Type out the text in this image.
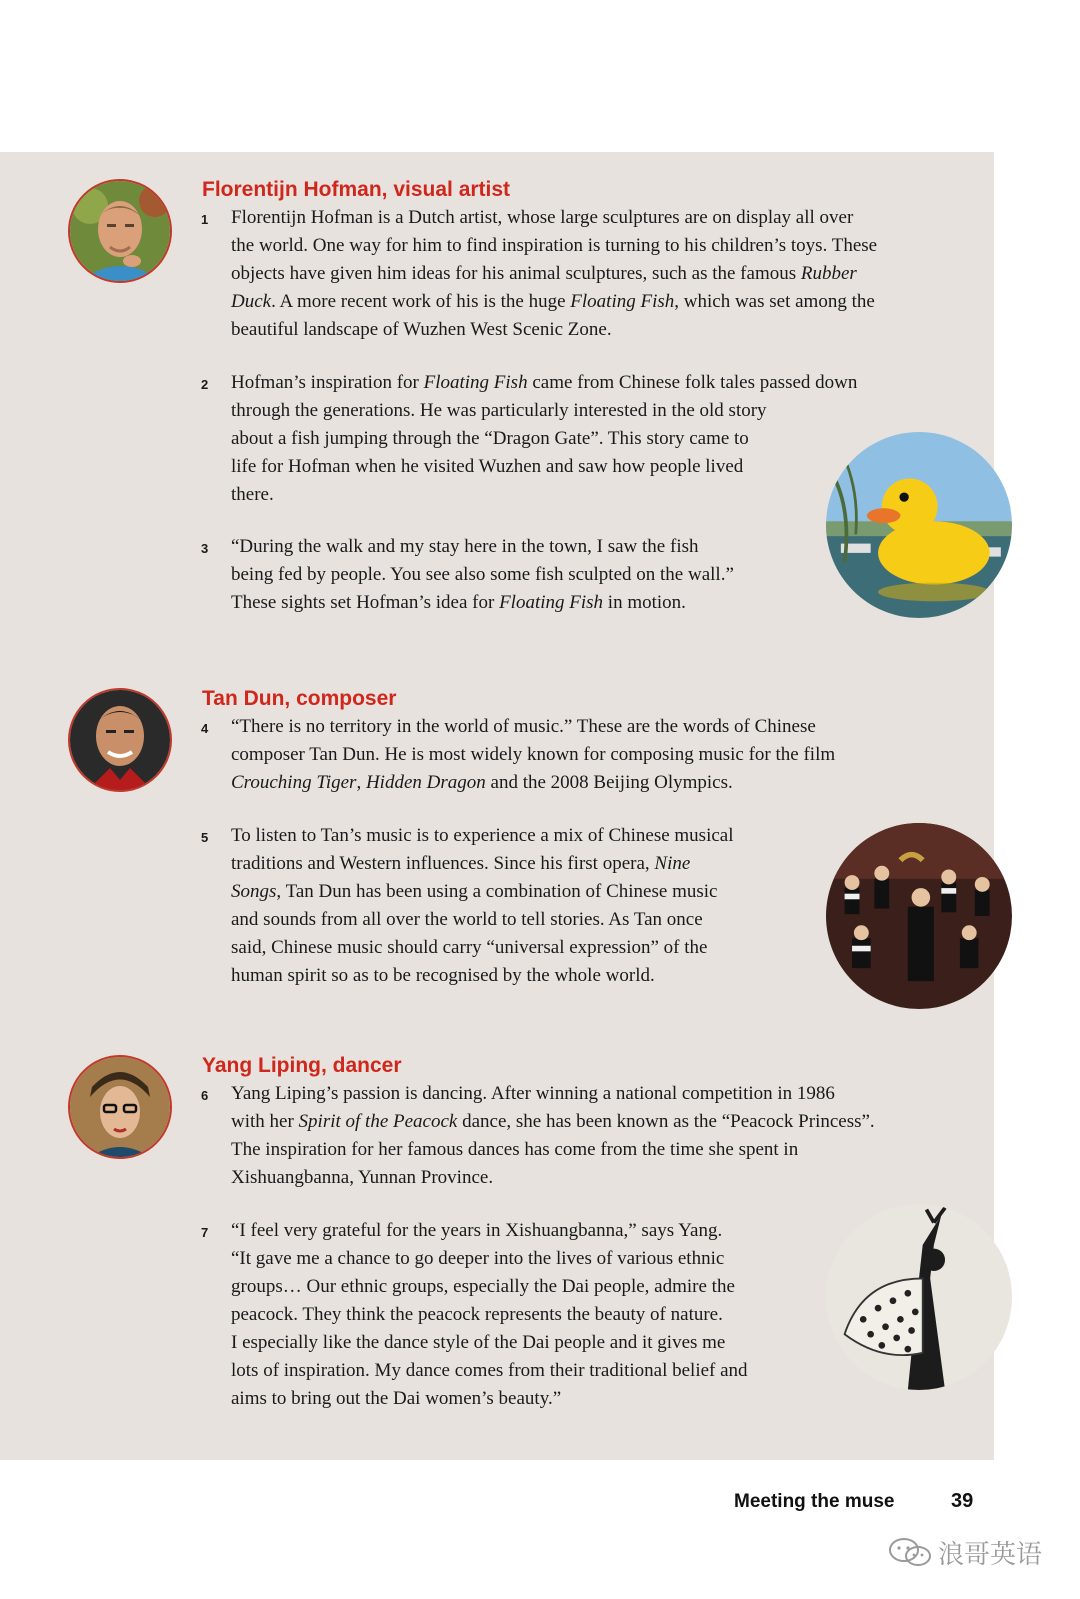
Florentijn Hofman, visual artist
1 Florentijn Hofman is a Dutch artist, whose large sculptures are on display all over
the world. One way for him to find inspiration is turning to his children’s toys. These
objects have given him ideas for his animal sculptures, such as the famous Rubber
Duck. A more recent work of his is the huge Floating Fish, which was set among the
beautiful landscape of Wuzhen West Scenic Zone.
2 Hofman’s inspiration for Floating Fish came from Chinese folk tales passed down
through the generations. He was particularly interested in the old story
about a fish jumping through the “Dragon Gate”. This story came to
life for Hofman when he visited Wuzhen and saw how people lived
there.
3 “During the walk and my stay here in the town, I saw the fish
being fed by people. You see also some fish sculpted on the wall.”
These sights set Hofman’s idea for Floating Fish in motion.
Tan Dun, composer
4 “There is no territory in the world of music.” These are the words of Chinese
composer Tan Dun. He is most widely known for composing music for the film
Crouching Tiger, Hidden Dragon and the 2008 Beijing Olympics.
5 To listen to Tan’s music is to experience a mix of Chinese musical
traditions and Western influences. Since his first opera, Nine
Songs, Tan Dun has been using a combination of Chinese music
and sounds from all over the world to tell stories. As Tan once
said, Chinese music should carry “universal expression” of the
human spirit so as to be recognised by the whole world.
Yang Liping, dancer
6 Yang Liping’s passion is dancing. After winning a national competition in 1986
with her Spirit of the Peacock dance, she has been known as the “Peacock Princess”.
The inspiration for her famous dances has come from the time she spent in
Xishuangbanna, Yunnan Province.
7 “I feel very grateful for the years in Xishuangbanna,” says Yang.
“It gave me a chance to go deeper into the lives of various ethnic
groups… Our ethnic groups, especially the Dai people, admire the
peacock. They think the peacock represents the beauty of nature.
I especially like the dance style of the Dai people and it gives me
lots of inspiration. My dance comes from their traditional belief and
aims to bring out the Dai women’s beauty.”
Meeting the muse	39
浪哥英语
